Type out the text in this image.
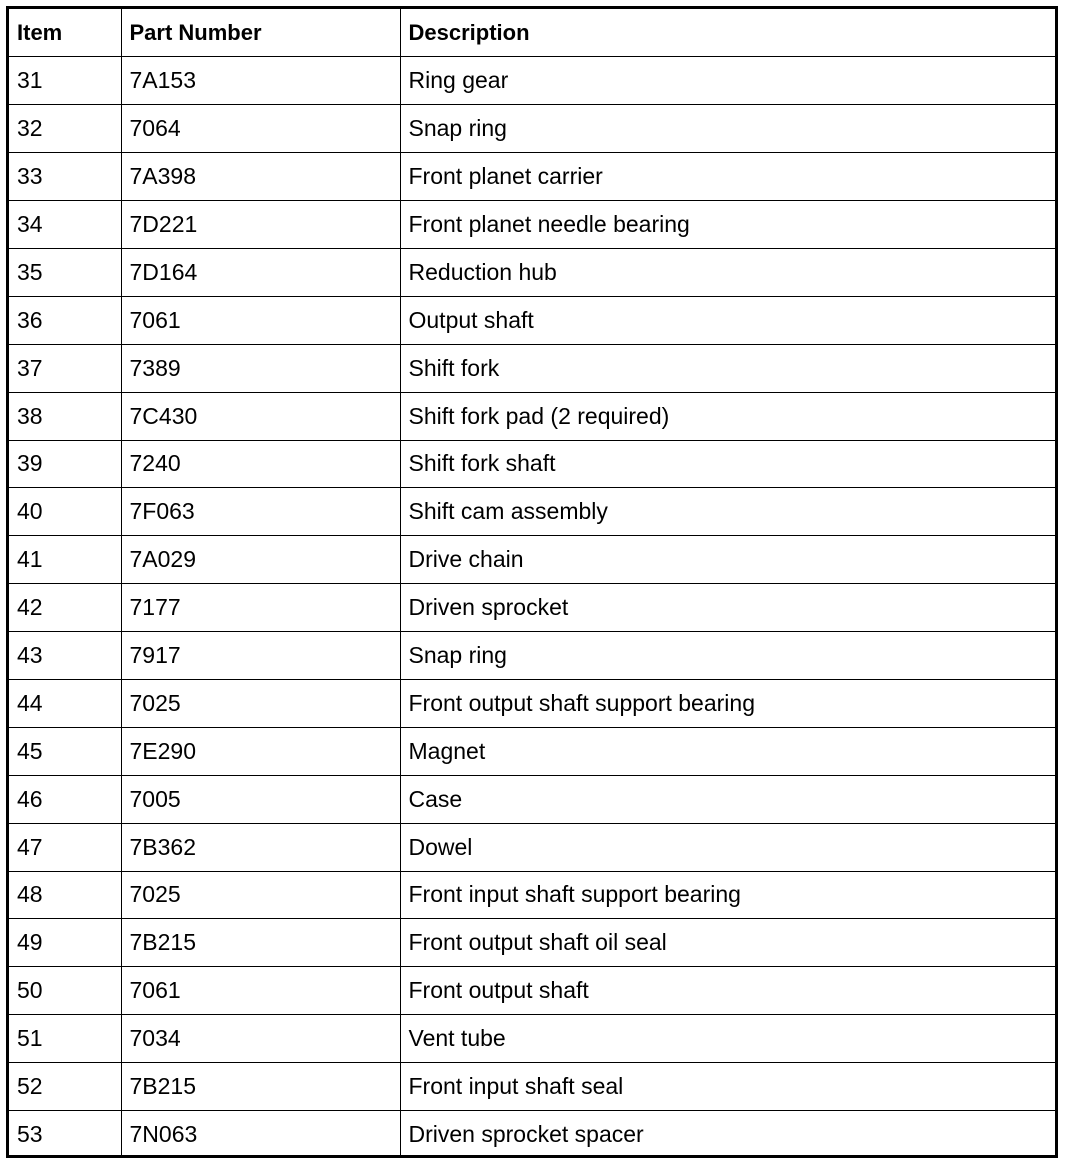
Item	Part Number	Description
31	7A153	Ring gear
32	7064	Snap ring
33	7A398	Front planet carrier
34	7D221	Front planet needle bearing
35	7D164	Reduction hub
36	7061	Output shaft
37	7389	Shift fork
38	7C430	Shift fork pad (2 required)
39	7240	Shift fork shaft
40	7F063	Shift cam assembly
41	7A029	Drive chain
42	7177	Driven sprocket
43	7917	Snap ring
44	7025	Front output shaft support bearing
45	7E290	Magnet
46	7005	Case
47	7B362	Dowel
48	7025	Front input shaft support bearing
49	7B215	Front output shaft oil seal
50	7061	Front output shaft
51	7034	Vent tube
52	7B215	Front input shaft seal
53	7N063	Driven sprocket spacer
